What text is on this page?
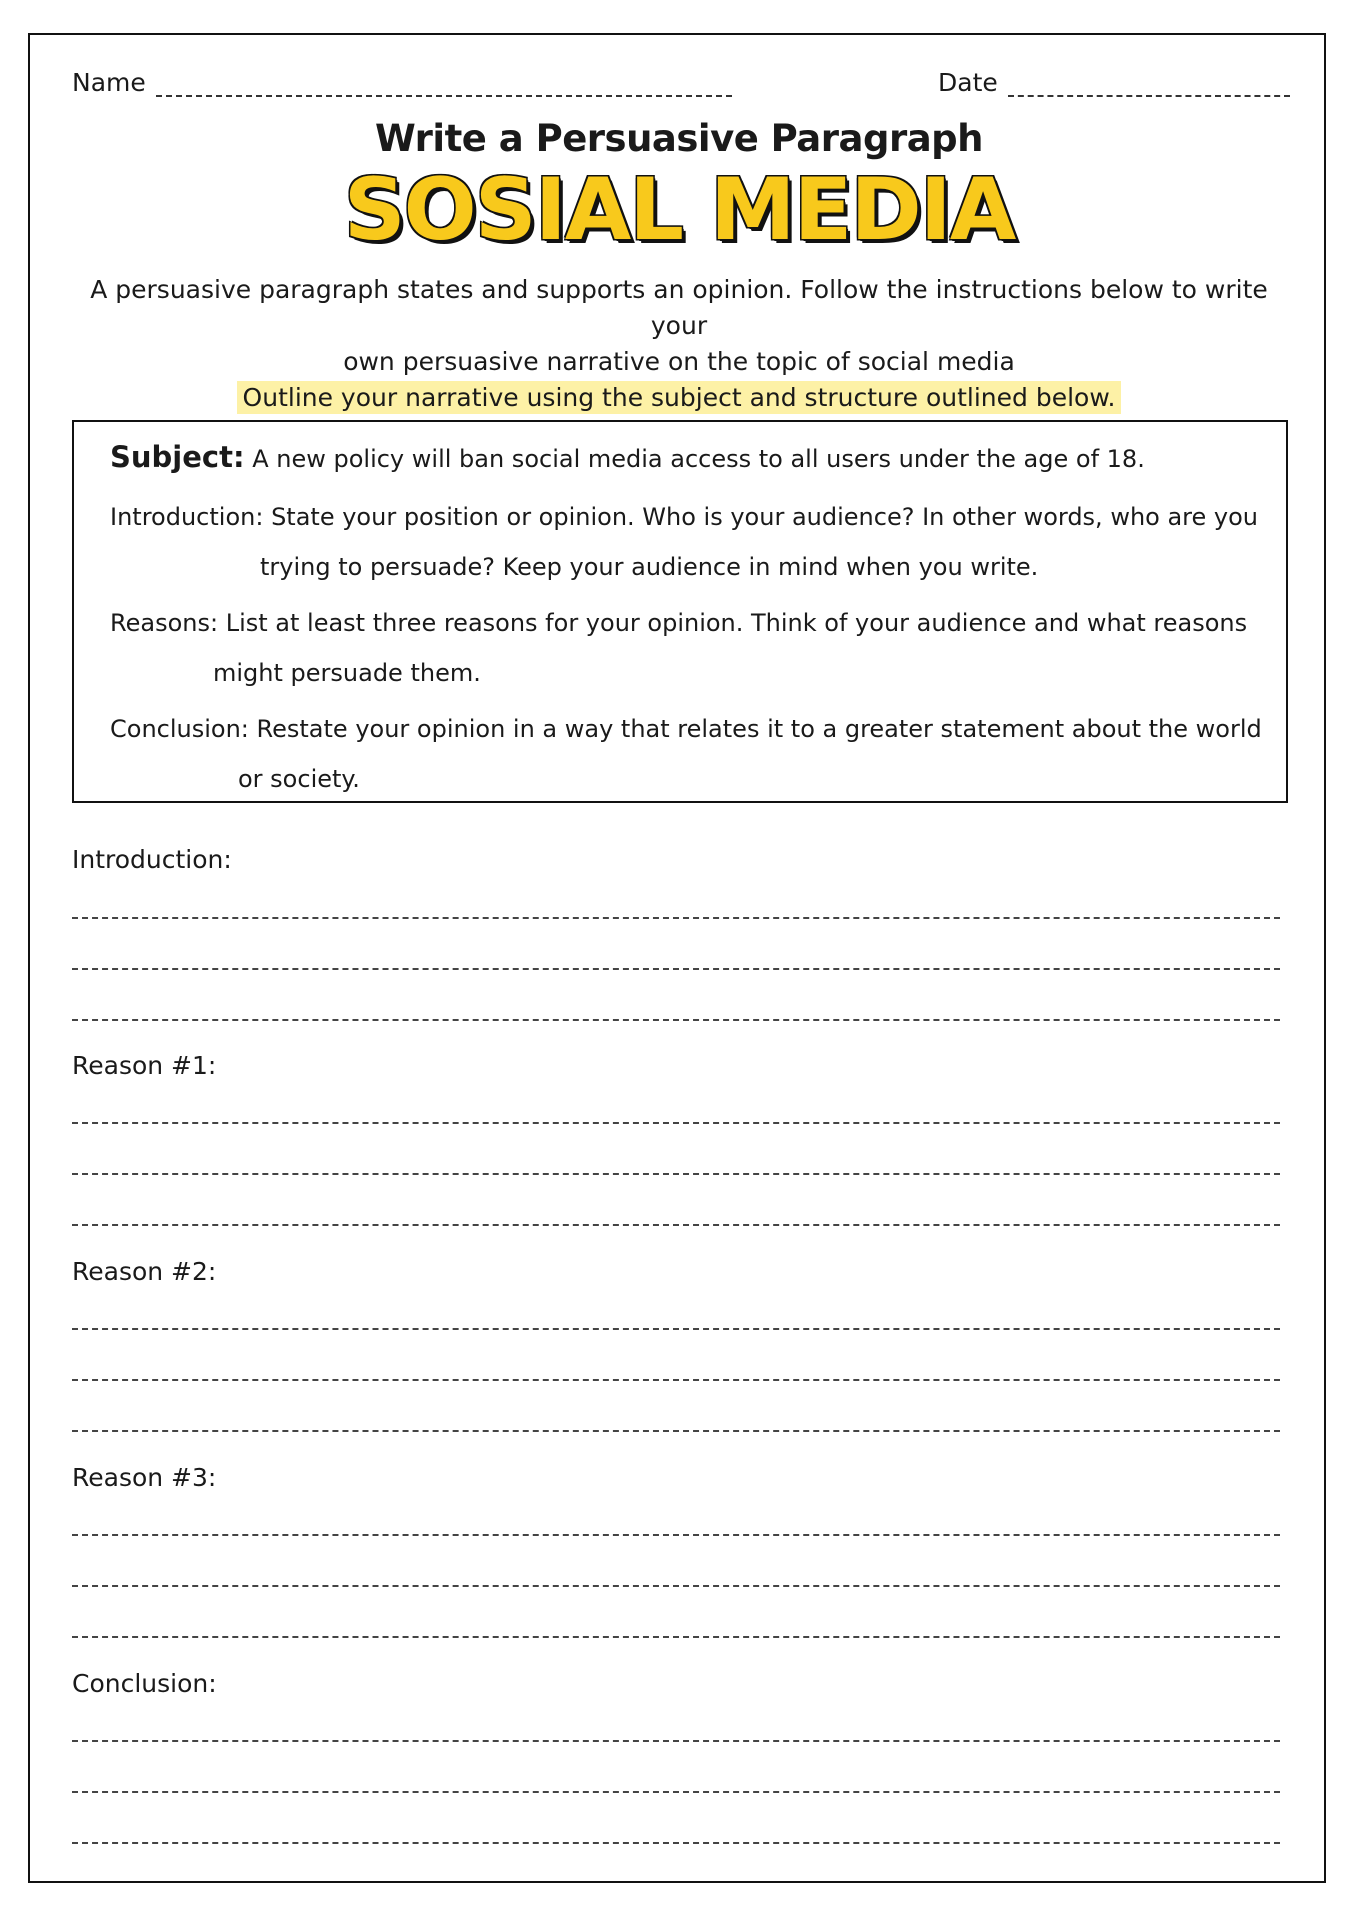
Name	Date
Write a Persuasive Paragraph
SOSIAL MEDIA
A persuasive paragraph states and supports an opinion. Follow the instructions below to write your
own persuasive narrative on the topic of social media
Outline your narrative using the subject and structure outlined below.
Subject: A new policy will ban social media access to all users under the age of 18.
Introduction: State your position or opinion. Who is your audience? In other words, who are you
trying to persuade? Keep your audience in mind when you write.
Reasons: List at least three reasons for your opinion. Think of your audience and what reasons
might persuade them.
Conclusion: Restate your opinion in a way that relates it to a greater statement about the world
or society.
Introduction:
Reason #1:
Reason #2:
Reason #3:
Conclusion:
